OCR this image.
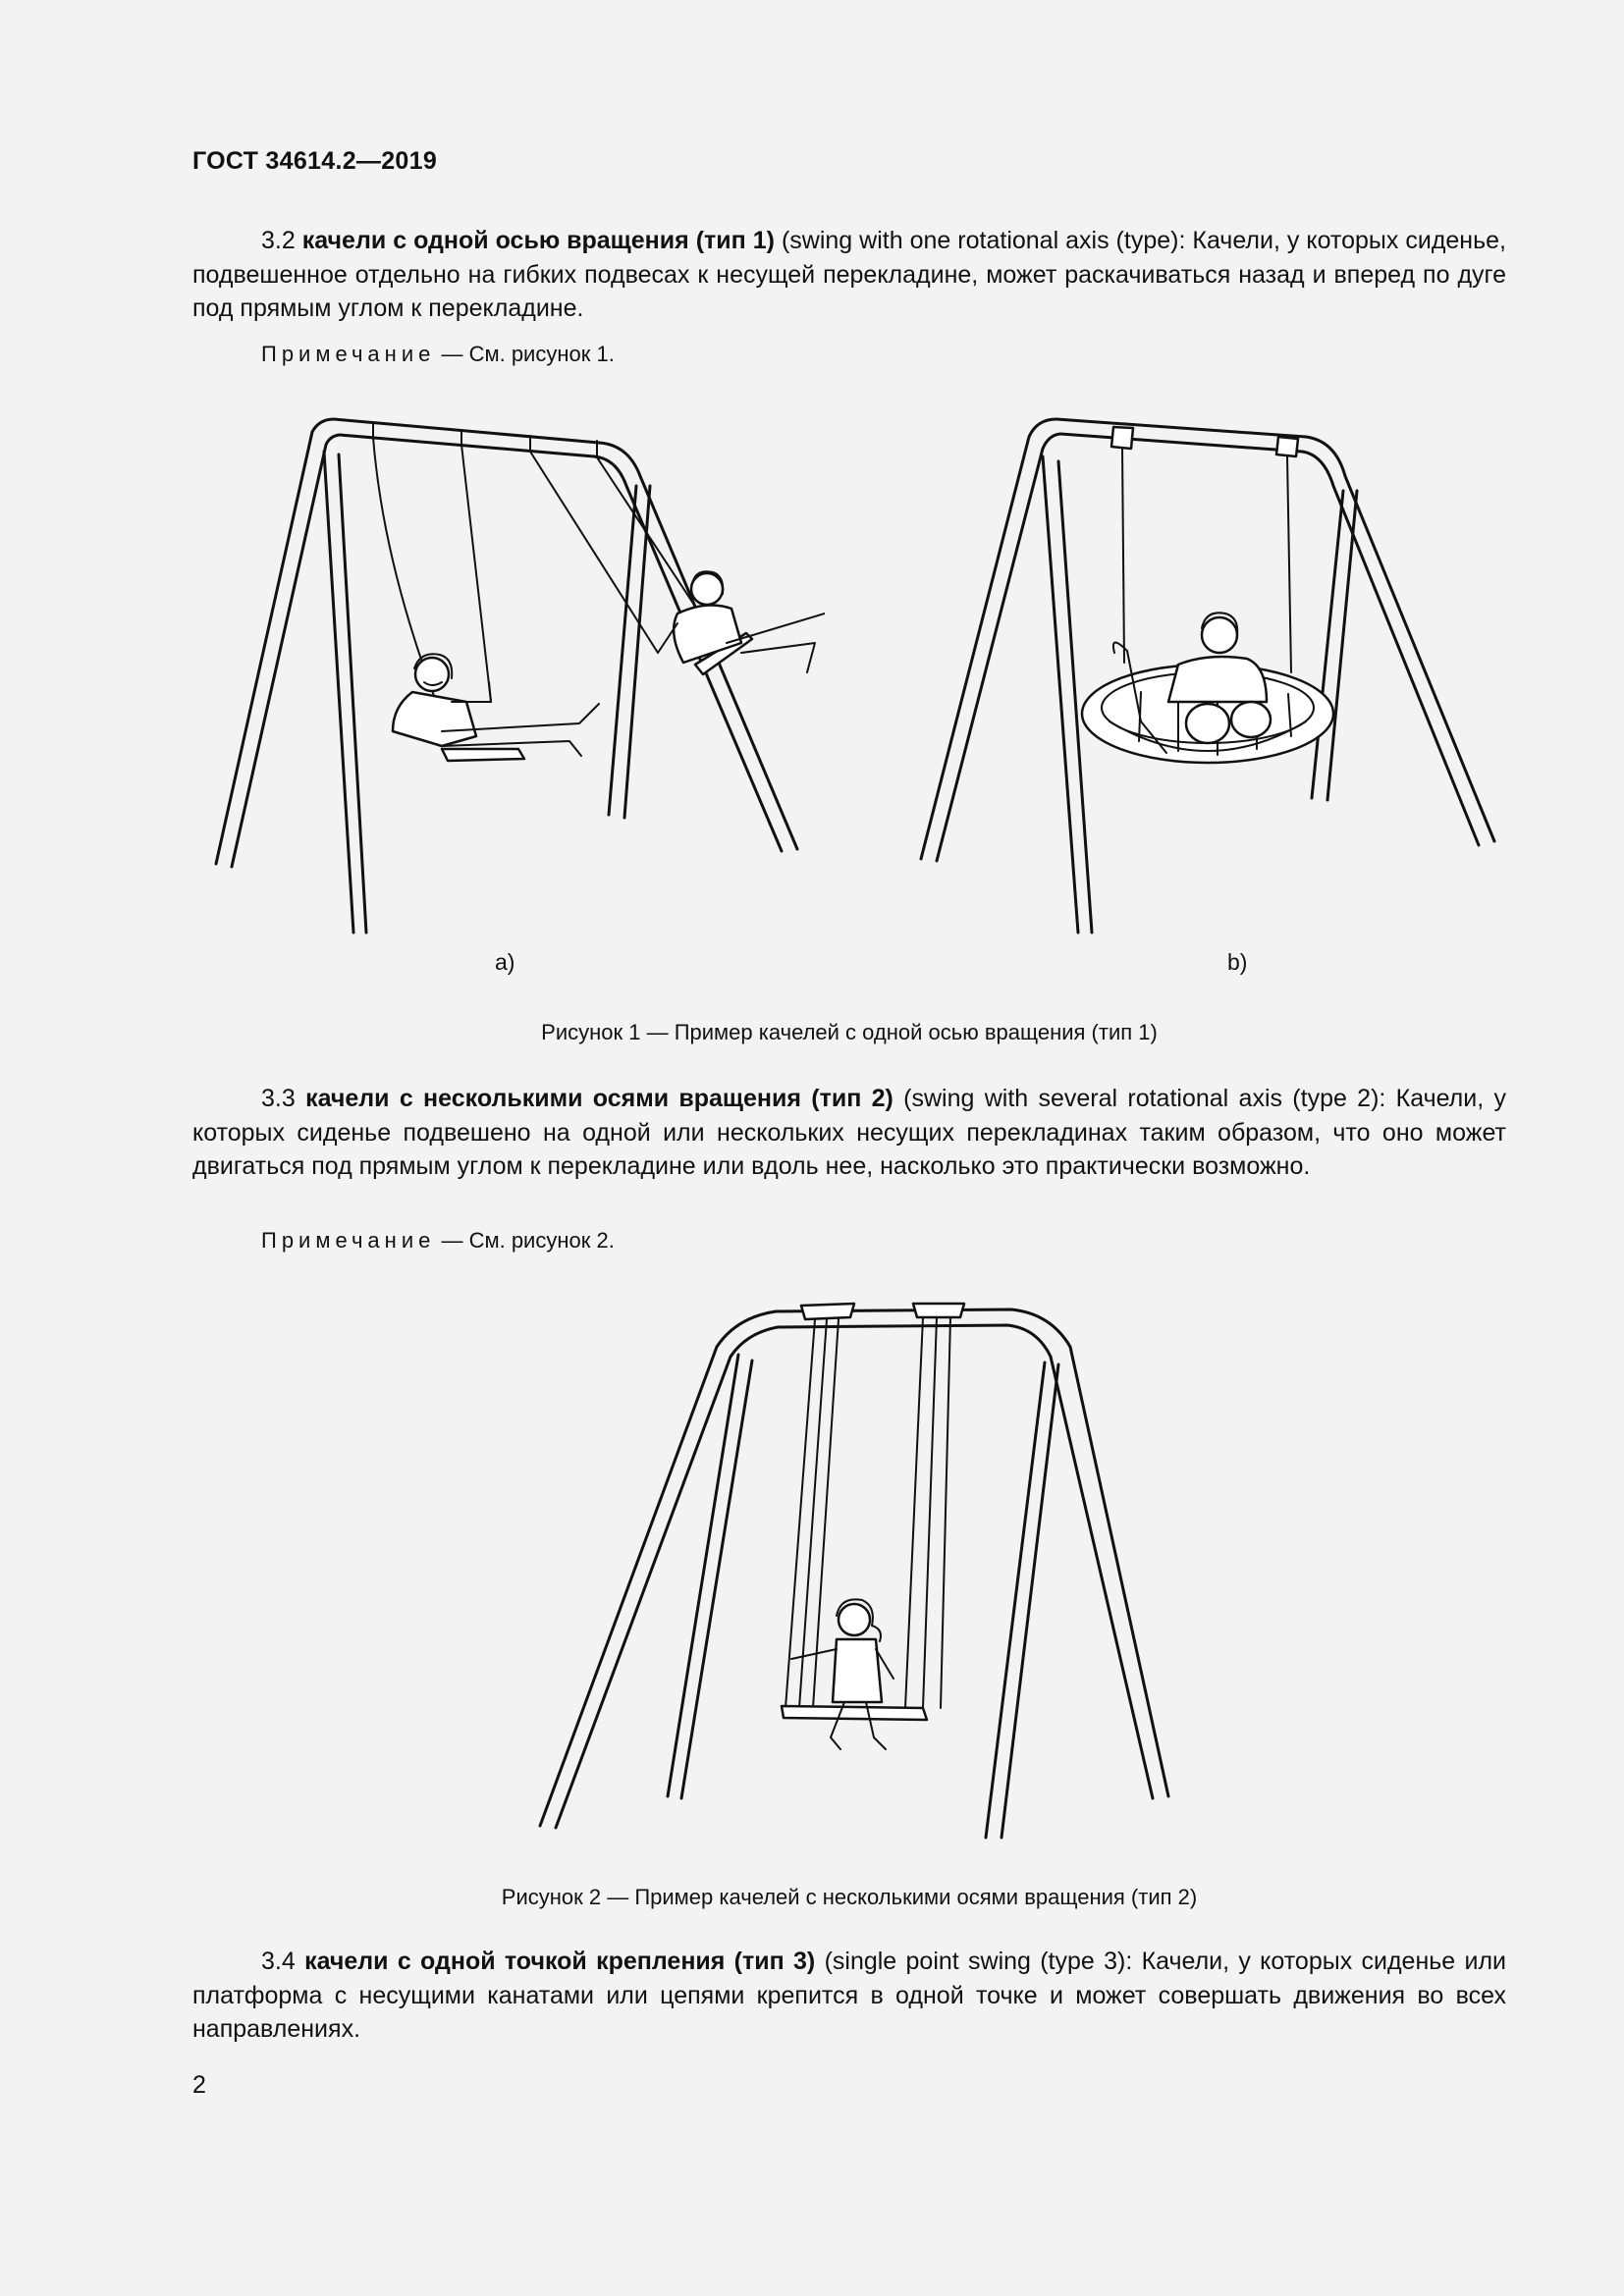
ГОСТ 34614.2—2019
3.2 качели с одной осью вращения (тип 1) (swing with one rotational axis (type): Качели, у которых сиденье, подвешенное отдельно на гибких подвесах к несущей перекладине, может раскачиваться назад и вперед по дуге под прямым углом к перекладине.
Примечание — См. рисунок 1.
a)	b)
Рисунок 1 — Пример качелей с одной осью вращения (тип 1)
3.3 качели с несколькими осями вращения (тип 2) (swing with several rotational axis (type 2): Качели, у которых сиденье подвешено на одной или нескольких несущих перекладинах таким образом, что оно может двигаться под прямым углом к перекладине или вдоль нее, насколько это практически возможно.
Примечание — См. рисунок 2.
Рисунок 2 — Пример качелей с несколькими осями вращения (тип 2)
3.4 качели с одной точкой крепления (тип 3) (single point swing (type 3): Качели, у которых сиденье или платформа с несущими канатами или цепями крепится в одной точке и может совершать движения во всех направлениях.
2
